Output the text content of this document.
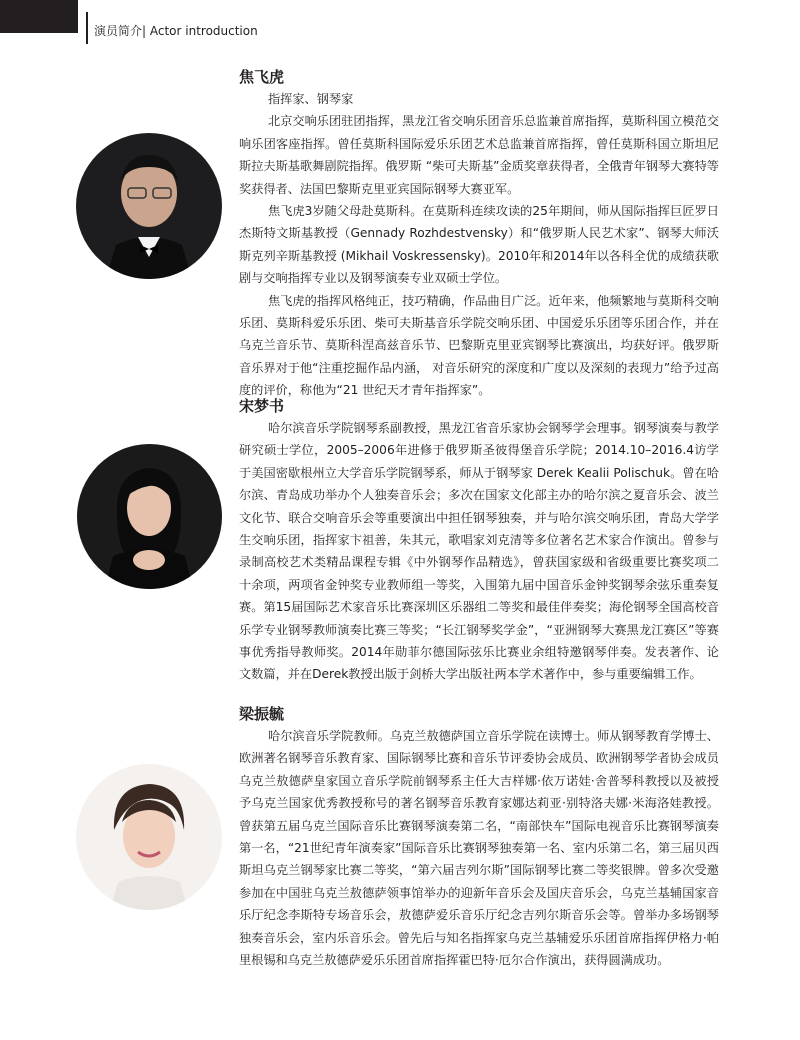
演员简介| Actor introduction

焦飞虎

指挥家、钢琴家

北京交响乐团驻团指挥，黑龙江省交响乐团音乐总监兼首席指挥，莫斯科国立模范交响乐团客座指挥。曾任莫斯科国际爱乐乐团艺术总监兼首席指挥，曾任莫斯科国立斯坦尼斯拉夫斯基歌舞剧院指挥。俄罗斯 “柴可夫斯基”金质奖章获得者，全俄青年钢琴大赛特等奖获得者、法国巴黎斯克里亚宾国际钢琴大赛亚军。

焦飞虎3岁随父母赴莫斯科。在莫斯科连续攻读的25年期间，师从国际指挥巨匠罗日杰斯特文斯基教授（Gennady Rozhdestvensky）和“俄罗斯人民艺术家”、钢琴大师沃斯克列辛斯基教授 (Mikhail Voskressensky)。2010年和2014年以各科全优的成绩获歌剧与交响指挥专业以及钢琴演奏专业双硕士学位。

焦飞虎的指挥风格纯正，技巧精确，作品曲目广泛。近年来，他频繁地与莫斯科交响乐团、莫斯科爱乐乐团、柴可夫斯基音乐学院交响乐团、中国爱乐乐团等乐团合作，并在乌克兰音乐节、莫斯科涅高兹音乐节、巴黎斯克里亚宾钢琴比赛演出，均获好评。俄罗斯音乐界对于他“注重挖掘作品内涵， 对音乐研究的深度和广度以及深刻的表现力”给予过高度的评价，称他为“21 世纪天才青年指挥家”。

宋梦书

哈尔滨音乐学院钢琴系副教授，黑龙江省音乐家协会钢琴学会理事。钢琴演奏与教学研究硕士学位，2005–2006年进修于俄罗斯圣彼得堡音乐学院；2014.10–2016.4访学于美国密歇根州立大学音乐学院钢琴系，师从于钢琴家 Derek Kealii Polischuk。曾在哈尔滨、青岛成功举办个人独奏音乐会；多次在国家文化部主办的哈尔滨之夏音乐会、波兰文化节、联合交响音乐会等重要演出中担任钢琴独奏，并与哈尔滨交响乐团，青岛大学学生交响乐团，指挥家卞祖善，朱其元，歌唱家刘克清等多位著名艺术家合作演出。曾参与录制高校艺术类精品课程专辑《中外钢琴作品精选》，曾获国家级和省级重要比赛奖项二十余项，两项省金钟奖专业教师组一等奖，入围第九届中国音乐金钟奖钢琴余弦乐重奏复赛。第15届国际艺术家音乐比赛深圳区乐器组二等奖和最佳伴奏奖；海伦钢琴全国高校音乐学专业钢琴教师演奏比赛三等奖；“长江钢琴奖学金”，“亚洲钢琴大赛黑龙江赛区”等赛事优秀指导教师奖。2014年勋菲尔德国际弦乐比赛业余组特邀钢琴伴奏。发表著作、论文数篇，并在Derek教授出版于剑桥大学出版社两本学术著作中，参与重要编辑工作。

梁振毓

哈尔滨音乐学院教师。乌克兰敖德萨国立音乐学院在读博士。师从钢琴教育学博士、欧洲著名钢琴音乐教育家、国际钢琴比赛和音乐节评委协会成员、欧洲钢琴学者协会成员乌克兰敖德萨皇家国立音乐学院前钢琴系主任大吉样娜·依万诺娃·舍普琴科教授以及被授予乌克兰国家优秀教授称号的著名钢琴音乐教育家娜达莉亚·别特洛夫娜·米海洛娃教授。曾获第五届乌克兰国际音乐比赛钢琴演奏第二名，“南部快车”国际电视音乐比赛钢琴演奏第一名，“21世纪青年演奏家”国际音乐比赛钢琴独奏第一名、室内乐第二名，第三届贝西斯坦乌克兰钢琴家比赛二等奖，“第六届吉列尔斯”国际钢琴比赛二等奖银牌。曾多次受邀参加在中国驻乌克兰敖德萨领事馆举办的迎新年音乐会及国庆音乐会，乌克兰基辅国家音乐厅纪念李斯特专场音乐会，敖德萨爱乐音乐厅纪念吉列尔斯音乐会等。曾举办多场钢琴独奏音乐会，室内乐音乐会。曾先后与知名指挥家乌克兰基辅爱乐乐团首席指挥伊格力·帕里根锡和乌克兰敖德萨爱乐乐团首席指挥霍巴特·厄尔合作演出，获得圆满成功。
